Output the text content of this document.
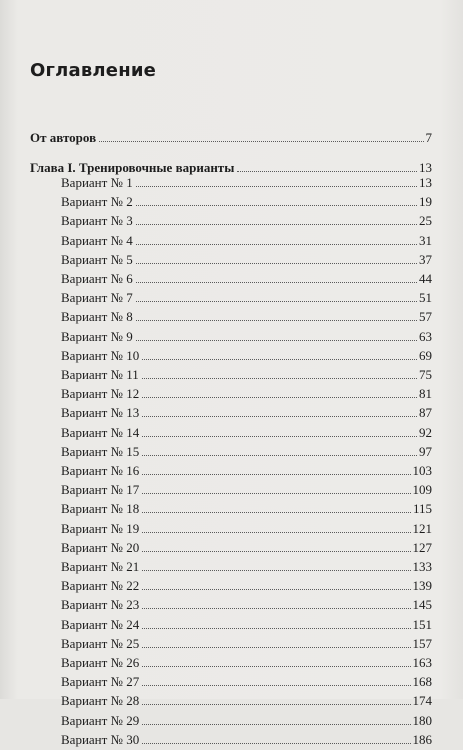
Оглавление
От авторов	7
Глава I. Тренировочные варианты	13
Вариант № 1	13
Вариант № 2	19
Вариант № 3	25
Вариант № 4	31
Вариант № 5	37
Вариант № 6	44
Вариант № 7	51
Вариант № 8	57
Вариант № 9	63
Вариант № 10	69
Вариант № 11	75
Вариант № 12	81
Вариант № 13	87
Вариант № 14	92
Вариант № 15	97
Вариант № 16	103
Вариант № 17	109
Вариант № 18	115
Вариант № 19	121
Вариант № 20	127
Вариант № 21	133
Вариант № 22	139
Вариант № 23	145
Вариант № 24	151
Вариант № 25	157
Вариант № 26	163
Вариант № 27	168
Вариант № 28	174
Вариант № 29	180
Вариант № 30	186
